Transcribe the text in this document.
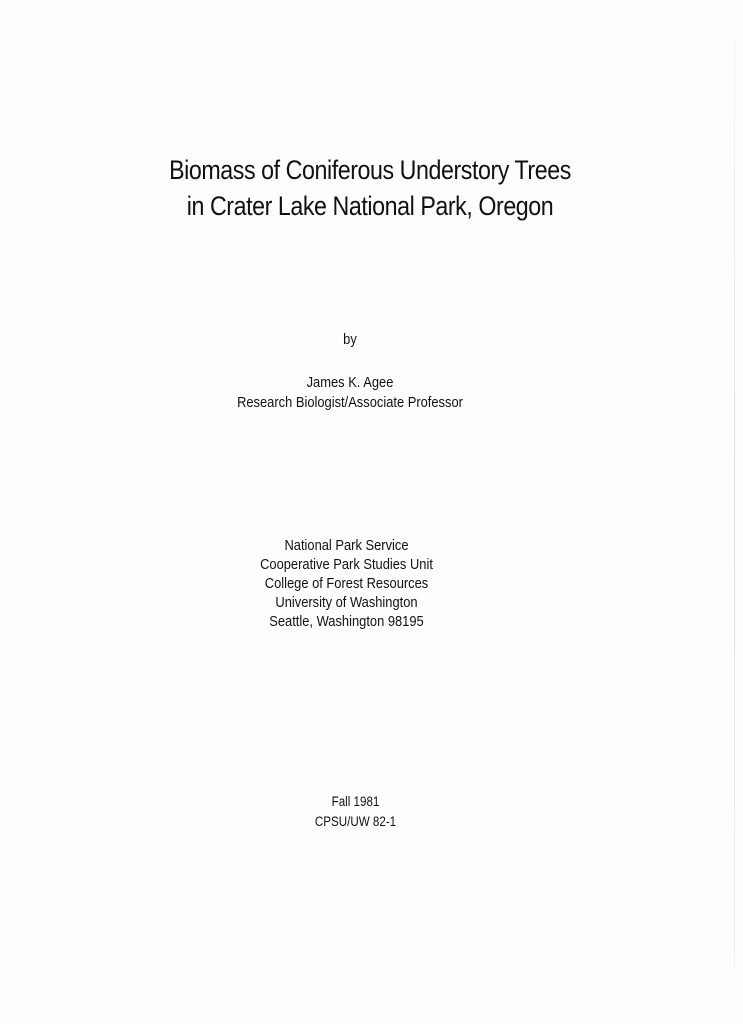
Biomass of Coniferous Understory Trees
in Crater Lake National Park, Oregon
by
James K. Agee
Research Biologist/Associate Professor
National Park Service
Cooperative Park Studies Unit
College of Forest Resources
University of Washington
Seattle, Washington 98195
Fall 1981
CPSU/UW 82-1
